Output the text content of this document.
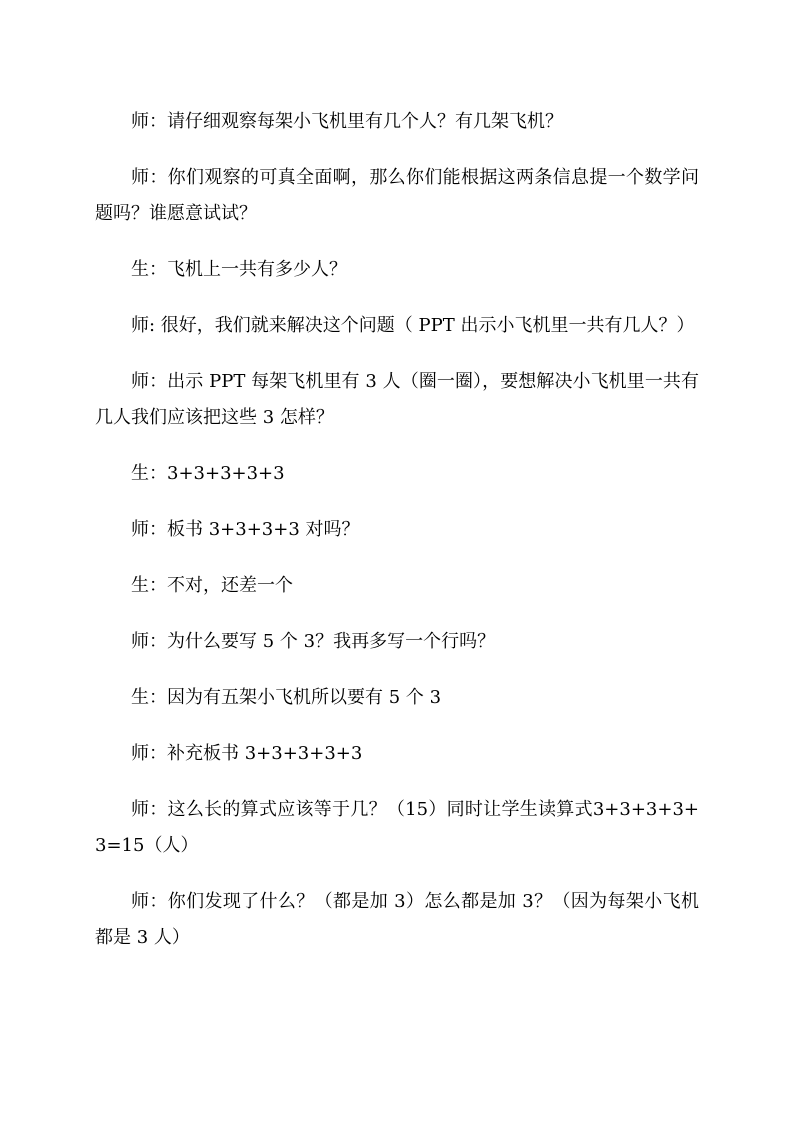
师：请仔细观察每架小飞机里有几个人？有几架飞机？

师：你们观察的可真全面啊，那么你们能根据这两条信息提一个数学问题吗？谁愿意试试？

生：飞机上一共有多少人？

师: 很好，我们就来解决这个问题（ PPT 出示小飞机里一共有几人？）

师：出示 PPT 每架飞机里有 3 人（圈一圈），要想解决小飞机里一共有几人我们应该把这些 3 怎样？

生：3+3+3+3+3

师：板书 3+3+3+3 对吗？

生：不对，还差一个

师：为什么要写 5 个 3？我再多写一个行吗？

生：因为有五架小飞机所以要有 5 个 3

师：补充板书 3+3+3+3+3

师：这么长的算式应该等于几？（15）同时让学生读算式3+3+3+3+3=15（人）

师：你们发现了什么？（都是加 3）怎么都是加 3？（因为每架小飞机都是 3 人）
